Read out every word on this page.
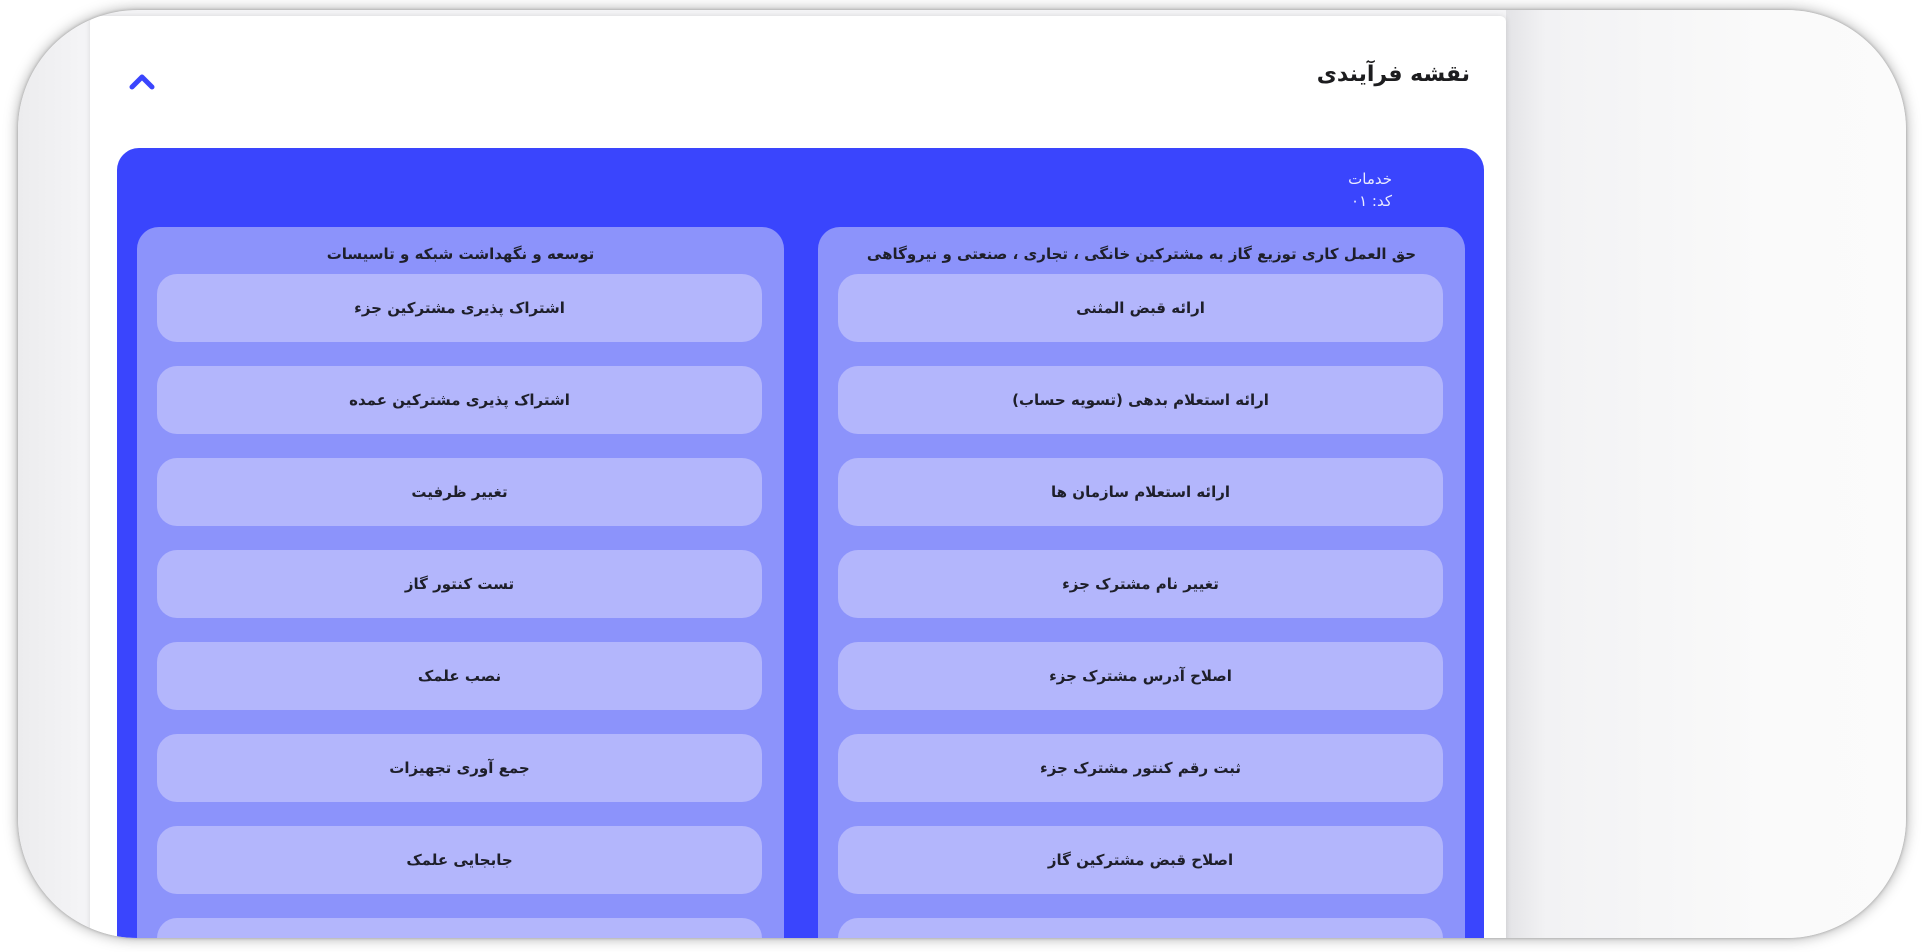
نقشه فرآیندی
خدمات
کد: ۰۱
حق العمل کاری توزیع گاز به مشترکین خانگی ، تجاری ، صنعتی و نیروگاهی
ارائه قبض المثنی
ارائه استعلام بدهی (تسویه حساب)
ارائه استعلام سازمان ها
تغییر نام مشترک جزء
اصلاح آدرس مشترک جزء
ثبت رقم کنتور مشترک جزء
اصلاح قبض مشترکین گاز
توسعه و نگهداشت شبکه و تاسیسات
اشتراک پذیری مشترکین جزء
اشتراک پذیری مشترکین عمده
تغییر ظرفیت
تست کنتور گاز
نصب علمک
جمع آوری تجهیزات
جابجایی علمک
